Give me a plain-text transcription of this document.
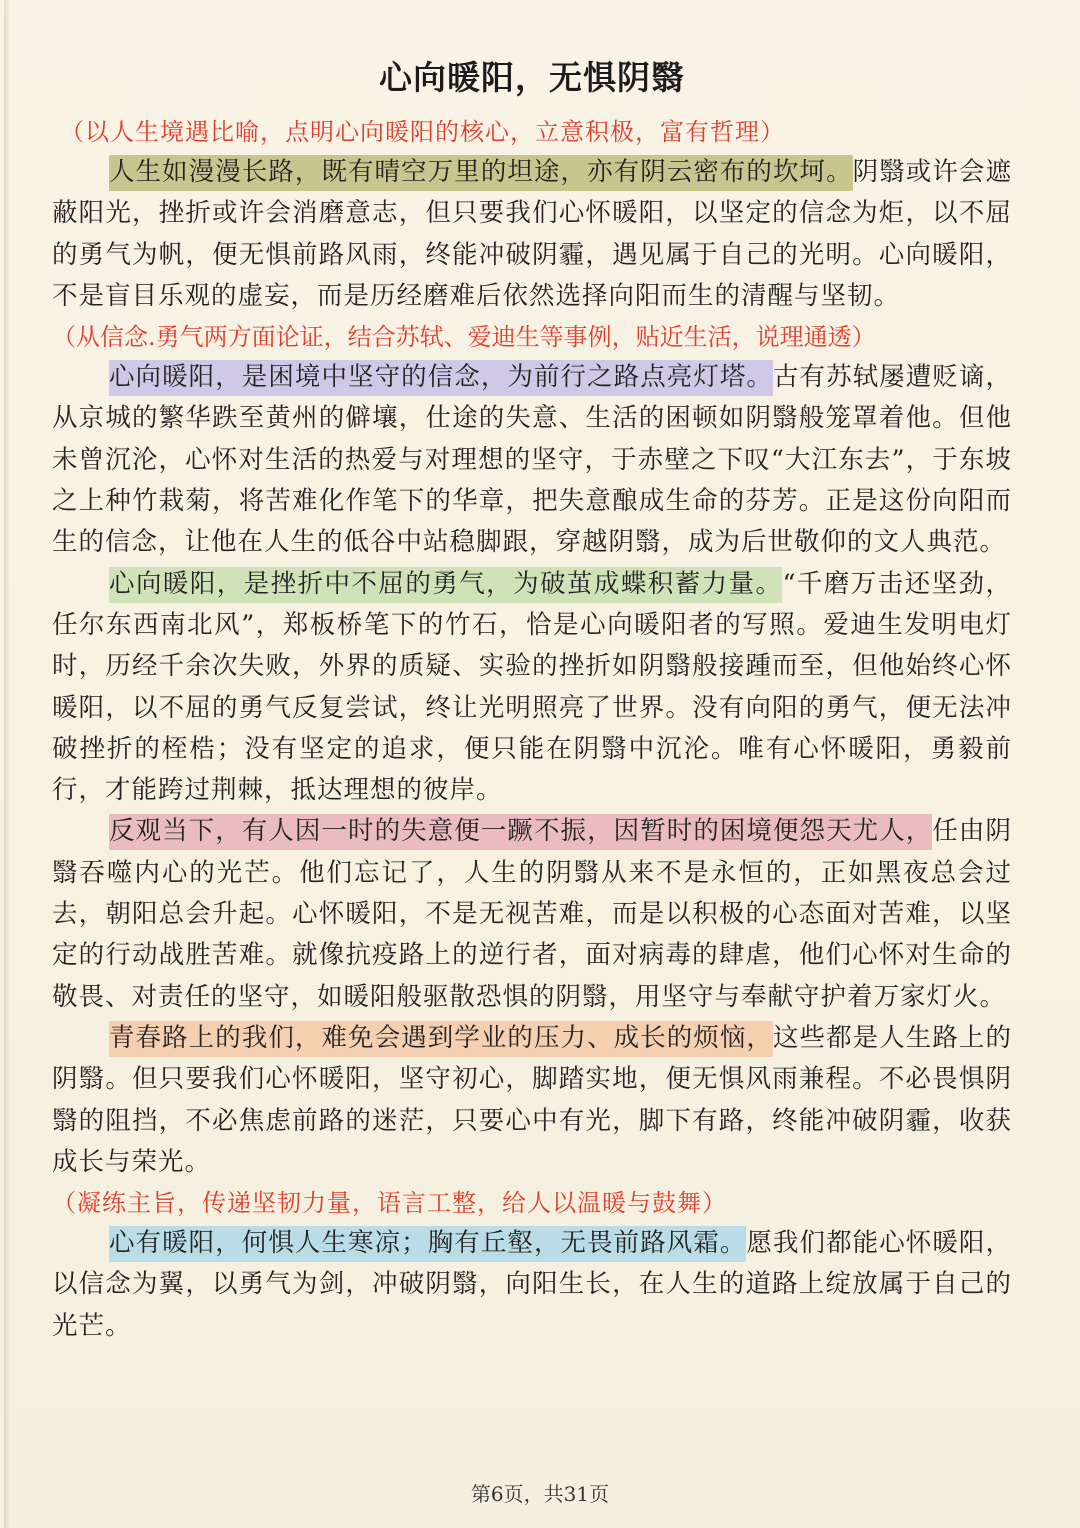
心向暖阳，无惧阴翳

（以人生境遇比喻，点明心向暖阳的核心，立意积极，富有哲理）

人生如漫漫长路，既有晴空万里的坦途，亦有阴云密布的坎坷。阴翳或许会遮蔽阳光，挫折或许会消磨意志，但只要我们心怀暖阳，以坚定的信念为炬，以不屈的勇气为帆，便无惧前路风雨，终能冲破阴霾，遇见属于自己的光明。心向暖阳，不是盲目乐观的虚妄，而是历经磨难后依然选择向阳而生的清醒与坚韧。

（从信念.勇气两方面论证，结合苏轼、爱迪生等事例，贴近生活，说理通透）

心向暖阳，是困境中坚守的信念，为前行之路点亮灯塔。古有苏轼屡遭贬谪，从京城的繁华跌至黄州的僻壤，仕途的失意、生活的困顿如阴翳般笼罩着他。但他未曾沉沦，心怀对生活的热爱与对理想的坚守，于赤壁之下叹“大江东去”，于东坡之上种竹栽菊，将苦难化作笔下的华章，把失意酿成生命的芬芳。正是这份向阳而生的信念，让他在人生的低谷中站稳脚跟，穿越阴翳，成为后世敬仰的文人典范。

心向暖阳，是挫折中不屈的勇气，为破茧成蝶积蓄力量。“千磨万击还坚劲，任尔东西南北风”，郑板桥笔下的竹石，恰是心向暖阳者的写照。爱迪生发明电灯时，历经千余次失败，外界的质疑、实验的挫折如阴翳般接踵而至，但他始终心怀暖阳，以不屈的勇气反复尝试，终让光明照亮了世界。没有向阳的勇气，便无法冲破挫折的桎梏；没有坚定的追求，便只能在阴翳中沉沦。唯有心怀暖阳，勇毅前行，才能跨过荆棘，抵达理想的彼岸。

反观当下，有人因一时的失意便一蹶不振，因暂时的困境便怨天尤人，任由阴翳吞噬内心的光芒。他们忘记了，人生的阴翳从来不是永恒的，正如黑夜总会过去，朝阳总会升起。心怀暖阳，不是无视苦难，而是以积极的心态面对苦难，以坚定的行动战胜苦难。就像抗疫路上的逆行者，面对病毒的肆虐，他们心怀对生命的敬畏、对责任的坚守，如暖阳般驱散恐惧的阴翳，用坚守与奉献守护着万家灯火。

青春路上的我们，难免会遇到学业的压力、成长的烦恼，这些都是人生路上的阴翳。但只要我们心怀暖阳，坚守初心，脚踏实地，便无惧风雨兼程。不必畏惧阴翳的阻挡，不必焦虑前路的迷茫，只要心中有光，脚下有路，终能冲破阴霾，收获成长与荣光。

（凝练主旨，传递坚韧力量，语言工整，给人以温暖与鼓舞）

心有暖阳，何惧人生寒凉；胸有丘壑，无畏前路风霜。愿我们都能心怀暖阳，以信念为翼，以勇气为剑，冲破阴翳，向阳生长，在人生的道路上绽放属于自己的光芒。

第6页，共31页
